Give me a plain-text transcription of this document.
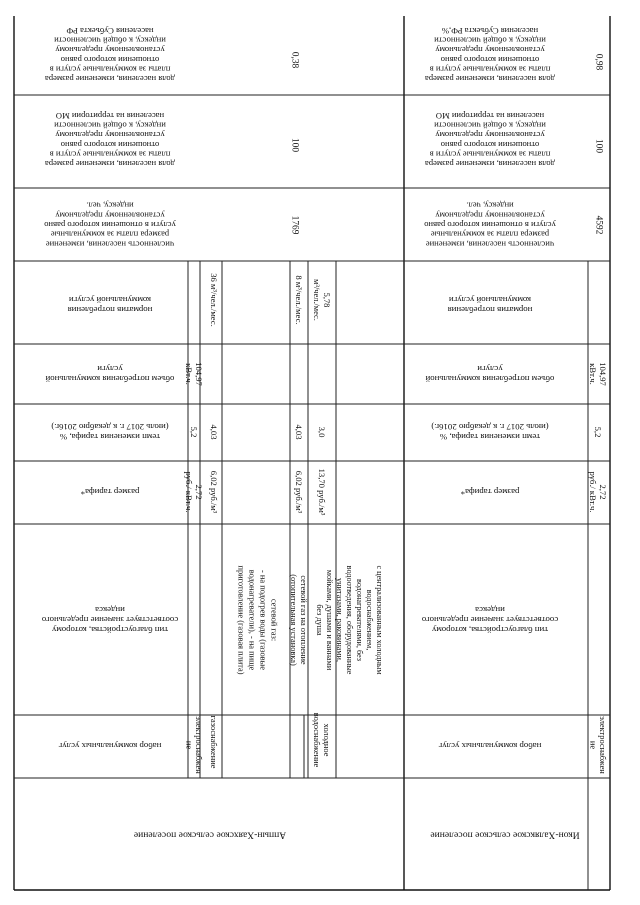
доля населения, изменение размера
платы за коммунальные услуги в
отношении которого равно
установленному предельному
индексу, к общей численности
населения Субъекта РФ
доля населения, изменение размера
платы за коммунальные услуги в
отношении которого равно
установленному предельному
индексу, к общей численности
населения на территории МО
численность населения, изменение
размера платы за коммунальные
услуги в отношении которого равно
установленному предельному
индексу, чел.
норматив потребления
коммунальной услуги
объем потребления коммунальной
услуги
темп изменения тарифа, %
(июль 2017 г. к декабрю 2016г.)
размер тарифа*
тип благоустройства, которому
соответствует значение предельного
индекса
набор коммунальных услуг
доля населения, изменение размера
платы за коммунальные услуги в
отношении которого равно
установленному предельному
индексу, к общей численности
населения Субъекта РФ,%
доля населения, изменение размера
платы за коммунальные услуги в
отношении которого равно
установленному предельному
индексу, к общей численности
населения на территории МО
численность населения, изменение
размера платы за коммунальные
услуги в отношении которого равно
установленному предельному
индексу, чел.
норматив потребления
коммунальной услуги
объем потребления коммунальной
услуги
темп изменения тарифа, %
(июль 2017 г. к декабрю 2016г.)
размер тарифа*
тип благоустройства, которому
соответствует значение предельного
индекса
набор коммунальных услуг
Аппын-Хаяхское сельское поселение	Икон-Халякское сельское поселение
0,38
100
1769
0,98
100
4592
электроснабжен
ие
2,72
руб./ кВт.ч.
5,2
104,97
кВт.ч.
газоснабжение
сетевой газ:
- на подогрев воды (газовые
водонагреватели), - на пище
приготовление (газовая плита)
6,02 руб./м³
4,03
36 м³/чел./мес.
сетевой газ на отопление
(отопительная установка)
6,02 руб./м³
4,03
8 м³/чел./мес.
холодное
водоснабжение
с централизованным холодным
водоснабжением,
водонагревателями, без
водоотведения, оборудованные
унитазами, раковинами,
мойками, душами и ваннами
без душа
13,70 руб./м³
3,0
5,78
м³/чел./мес.
электроснабжен
ие
2,72
руб./ кВт.ч.
5,2
104,97
кВт.ч.
